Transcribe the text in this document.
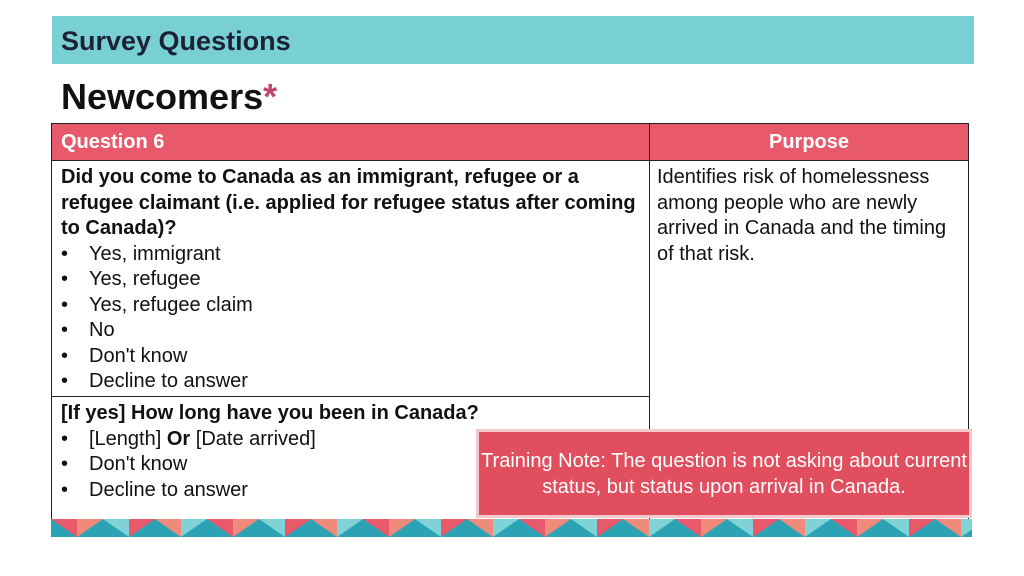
Survey Questions
Newcomers*
Question 6	Purpose
Did you come to Canada as an immigrant, refugee or a refugee claimant (i.e. applied for refugee status after coming to Canada)?
• Yes, immigrant
• Yes, refugee
• Yes, refugee claim
• No
• Don't know
• Decline to answer
[If yes] How long have you been in Canada?
• [Length] Or [Date arrived]
• Don't know
• Decline to answer
Identifies risk of homelessness among people who are newly arrived in Canada and the timing of that risk.
Training Note: The question is not asking about current status, but status upon arrival in Canada.
